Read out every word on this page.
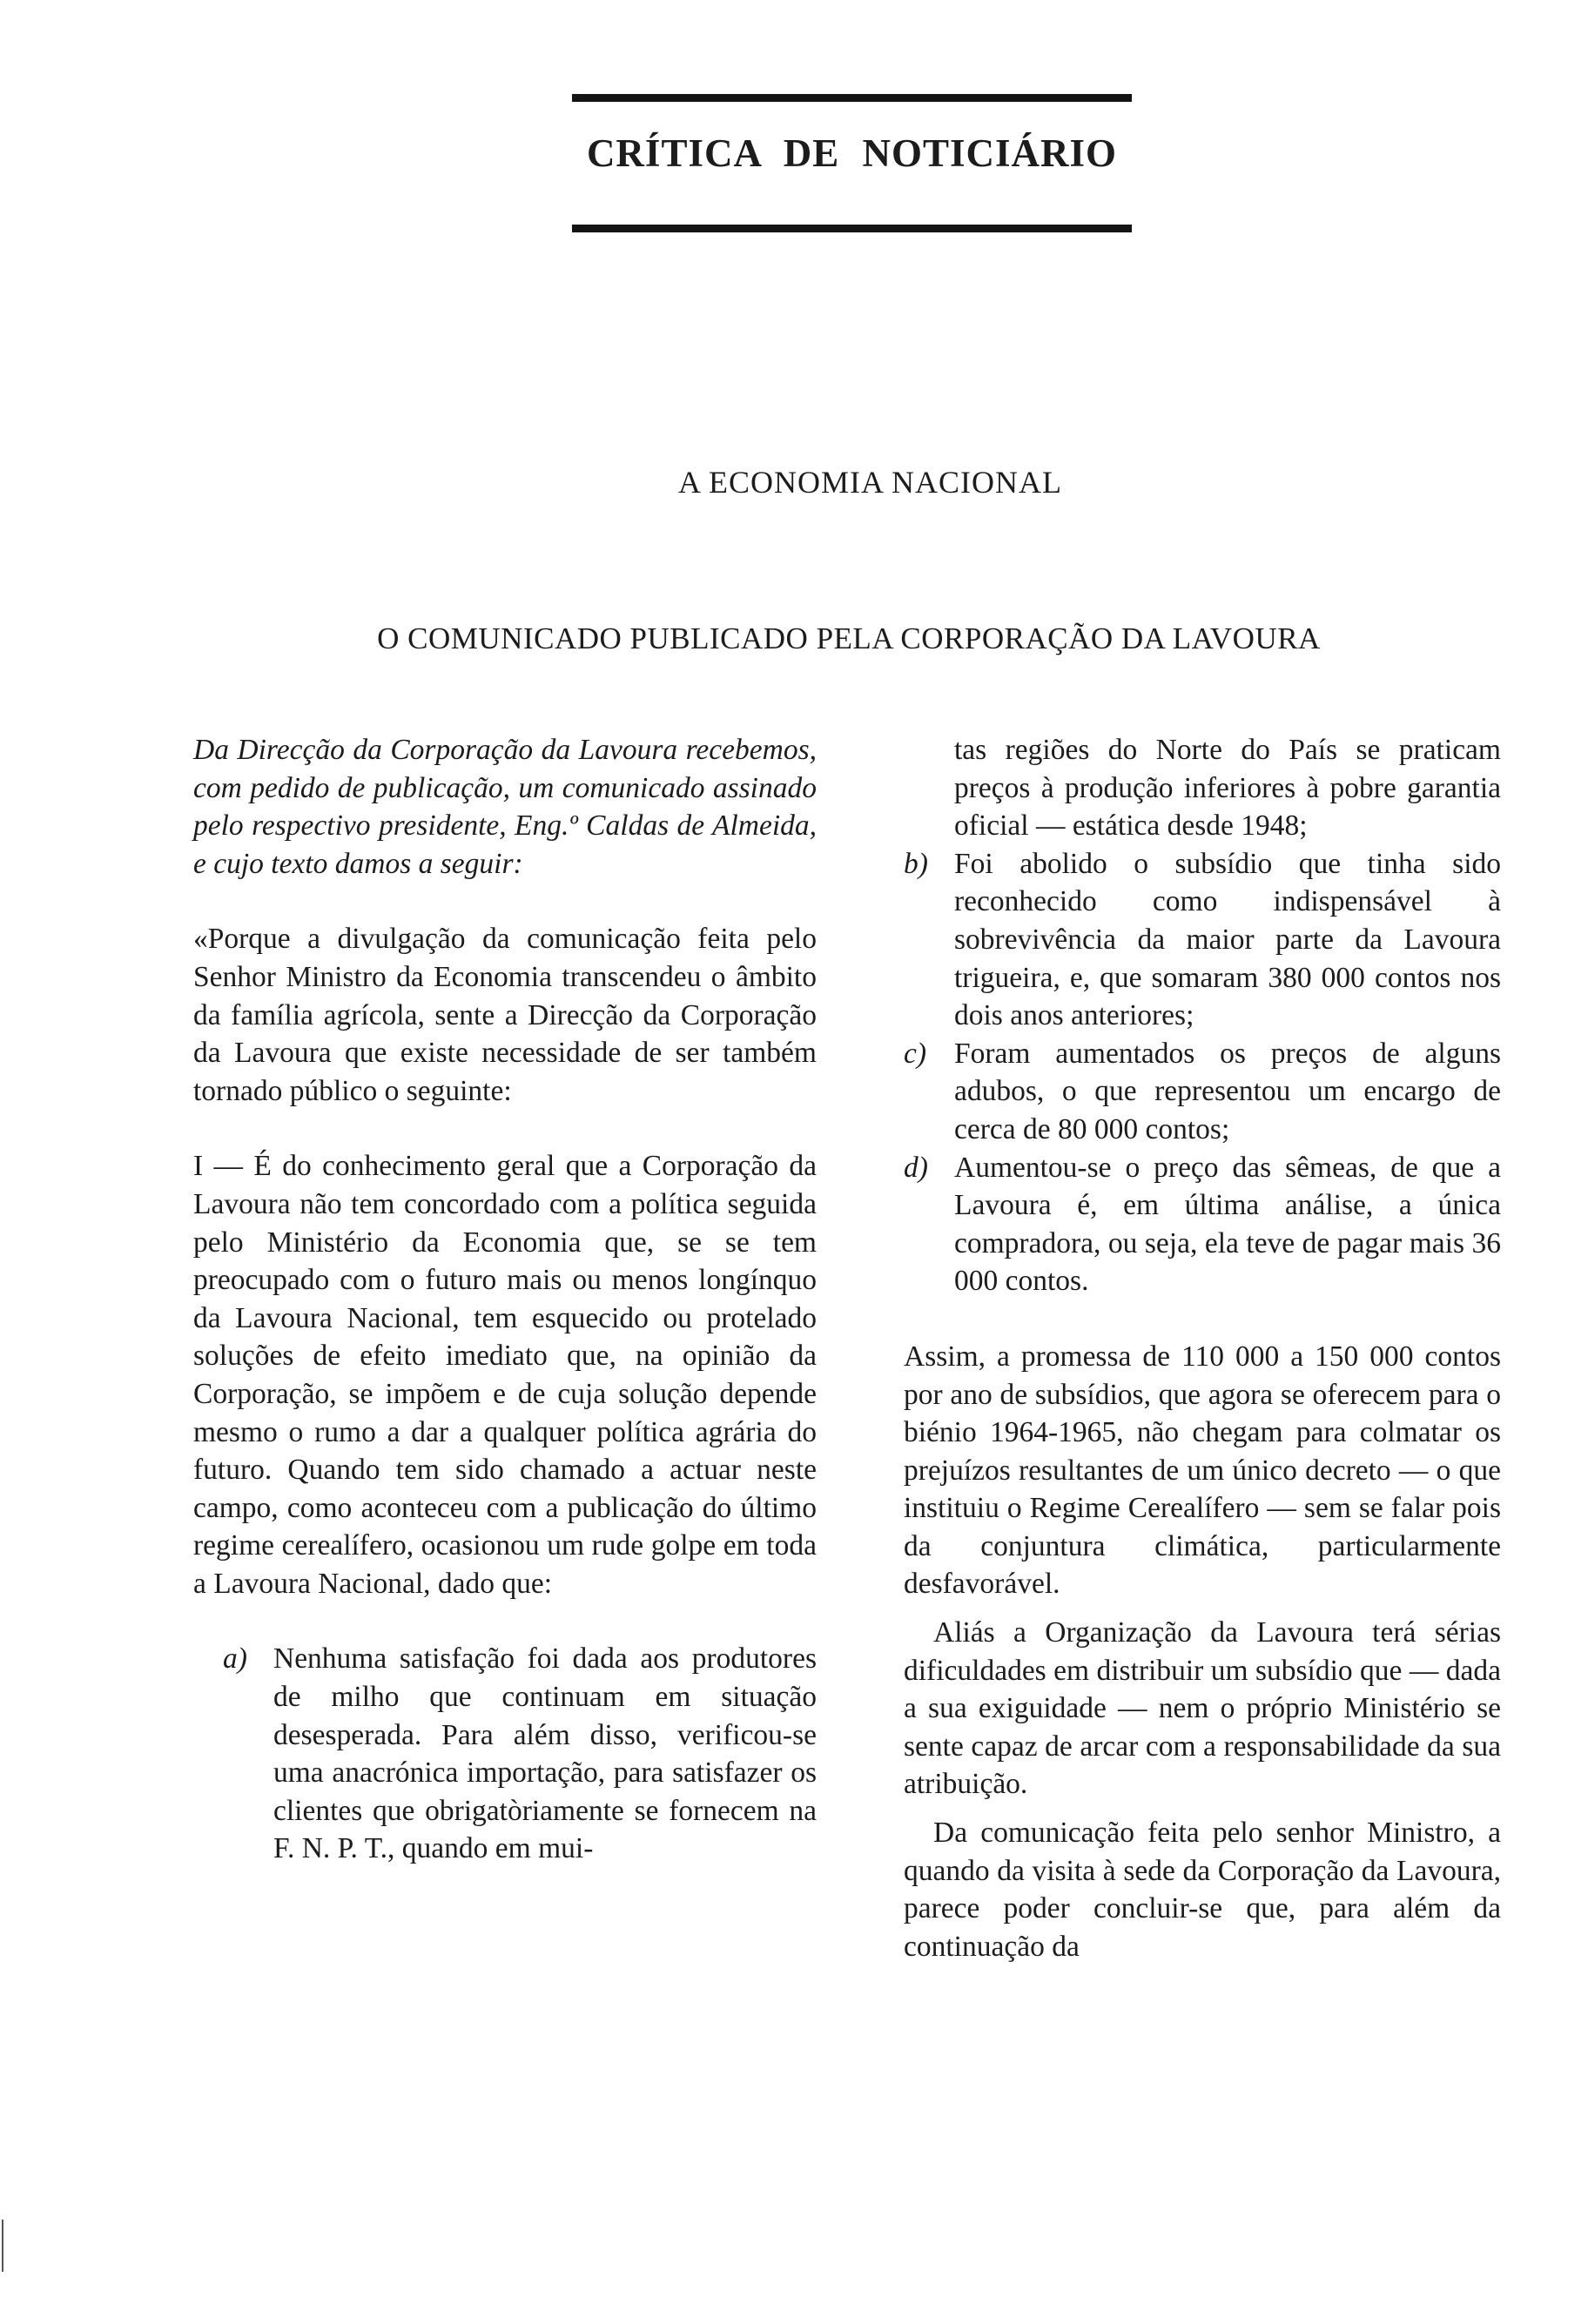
CRÍTICA DE NOTICIÁRIO
A ECONOMIA NACIONAL
O COMUNICADO PUBLICADO PELA CORPORAÇÃO DA LAVOURA

Da Direcção da Corporação da Lavoura recebemos, com pedido de publicação, um comunicado assinado pelo respectivo presidente, Eng.º Caldas de Almeida, e cujo texto damos a seguir:

«Porque a divulgação da comunicação feita pelo Senhor Ministro da Economia transcendeu o âmbito da família agrícola, sente a Direcção da Corporação da Lavoura que existe necessidade de ser também tornado público o seguinte:

I — É do conhecimento geral que a Corporação da Lavoura não tem concordado com a política seguida pelo Ministério da Economia que, se se tem preocupado com o futuro mais ou menos longínquo da Lavoura Nacional, tem esquecido ou protelado soluções de efeito imediato que, na opinião da Corporação, se impõem e de cuja solução depende mesmo o rumo a dar a qualquer política agrária do futuro. Quando tem sido chamado a actuar neste campo, como aconteceu com a publicação do último regime cerealífero, ocasionou um rude golpe em toda a Lavoura Nacional, dado que:

a) Nenhuma satisfação foi dada aos produtores de milho que continuam em situação desesperada. Para além disso, verificou-se uma anacrónica importação, para satisfazer os clientes que obrigatòriamente se fornecem na F. N. P. T., quando em mui-

tas regiões do Norte do País se praticam preços à produção inferiores à pobre garantia oficial — estática desde 1948;

b) Foi abolido o subsídio que tinha sido reconhecido como indispensável à sobrevivência da maior parte da Lavoura trigueira, e, que somaram 380 000 contos nos dois anos anteriores;
c) Foram aumentados os preços de alguns adubos, o que representou um encargo de cerca de 80 000 contos;
d) Aumentou-se o preço das sêmeas, de que a Lavoura é, em última análise, a única compradora, ou seja, ela teve de pagar mais 36 000 contos.

Assim, a promessa de 110 000 a 150 000 contos por ano de subsídios, que agora se oferecem para o biénio 1964-1965, não chegam para colmatar os prejuízos resultantes de um único decreto — o que instituiu o Regime Cerealífero — sem se falar pois da conjuntura climática, particularmente desfavorável.

Aliás a Organização da Lavoura terá sérias dificuldades em distribuir um subsídio que — dada a sua exiguidade — nem o próprio Ministério se sente capaz de arcar com a responsabilidade da sua atribuição.

Da comunicação feita pelo senhor Ministro, a quando da visita à sede da Corporação da Lavoura, parece poder concluir-se que, para além da continuação da
